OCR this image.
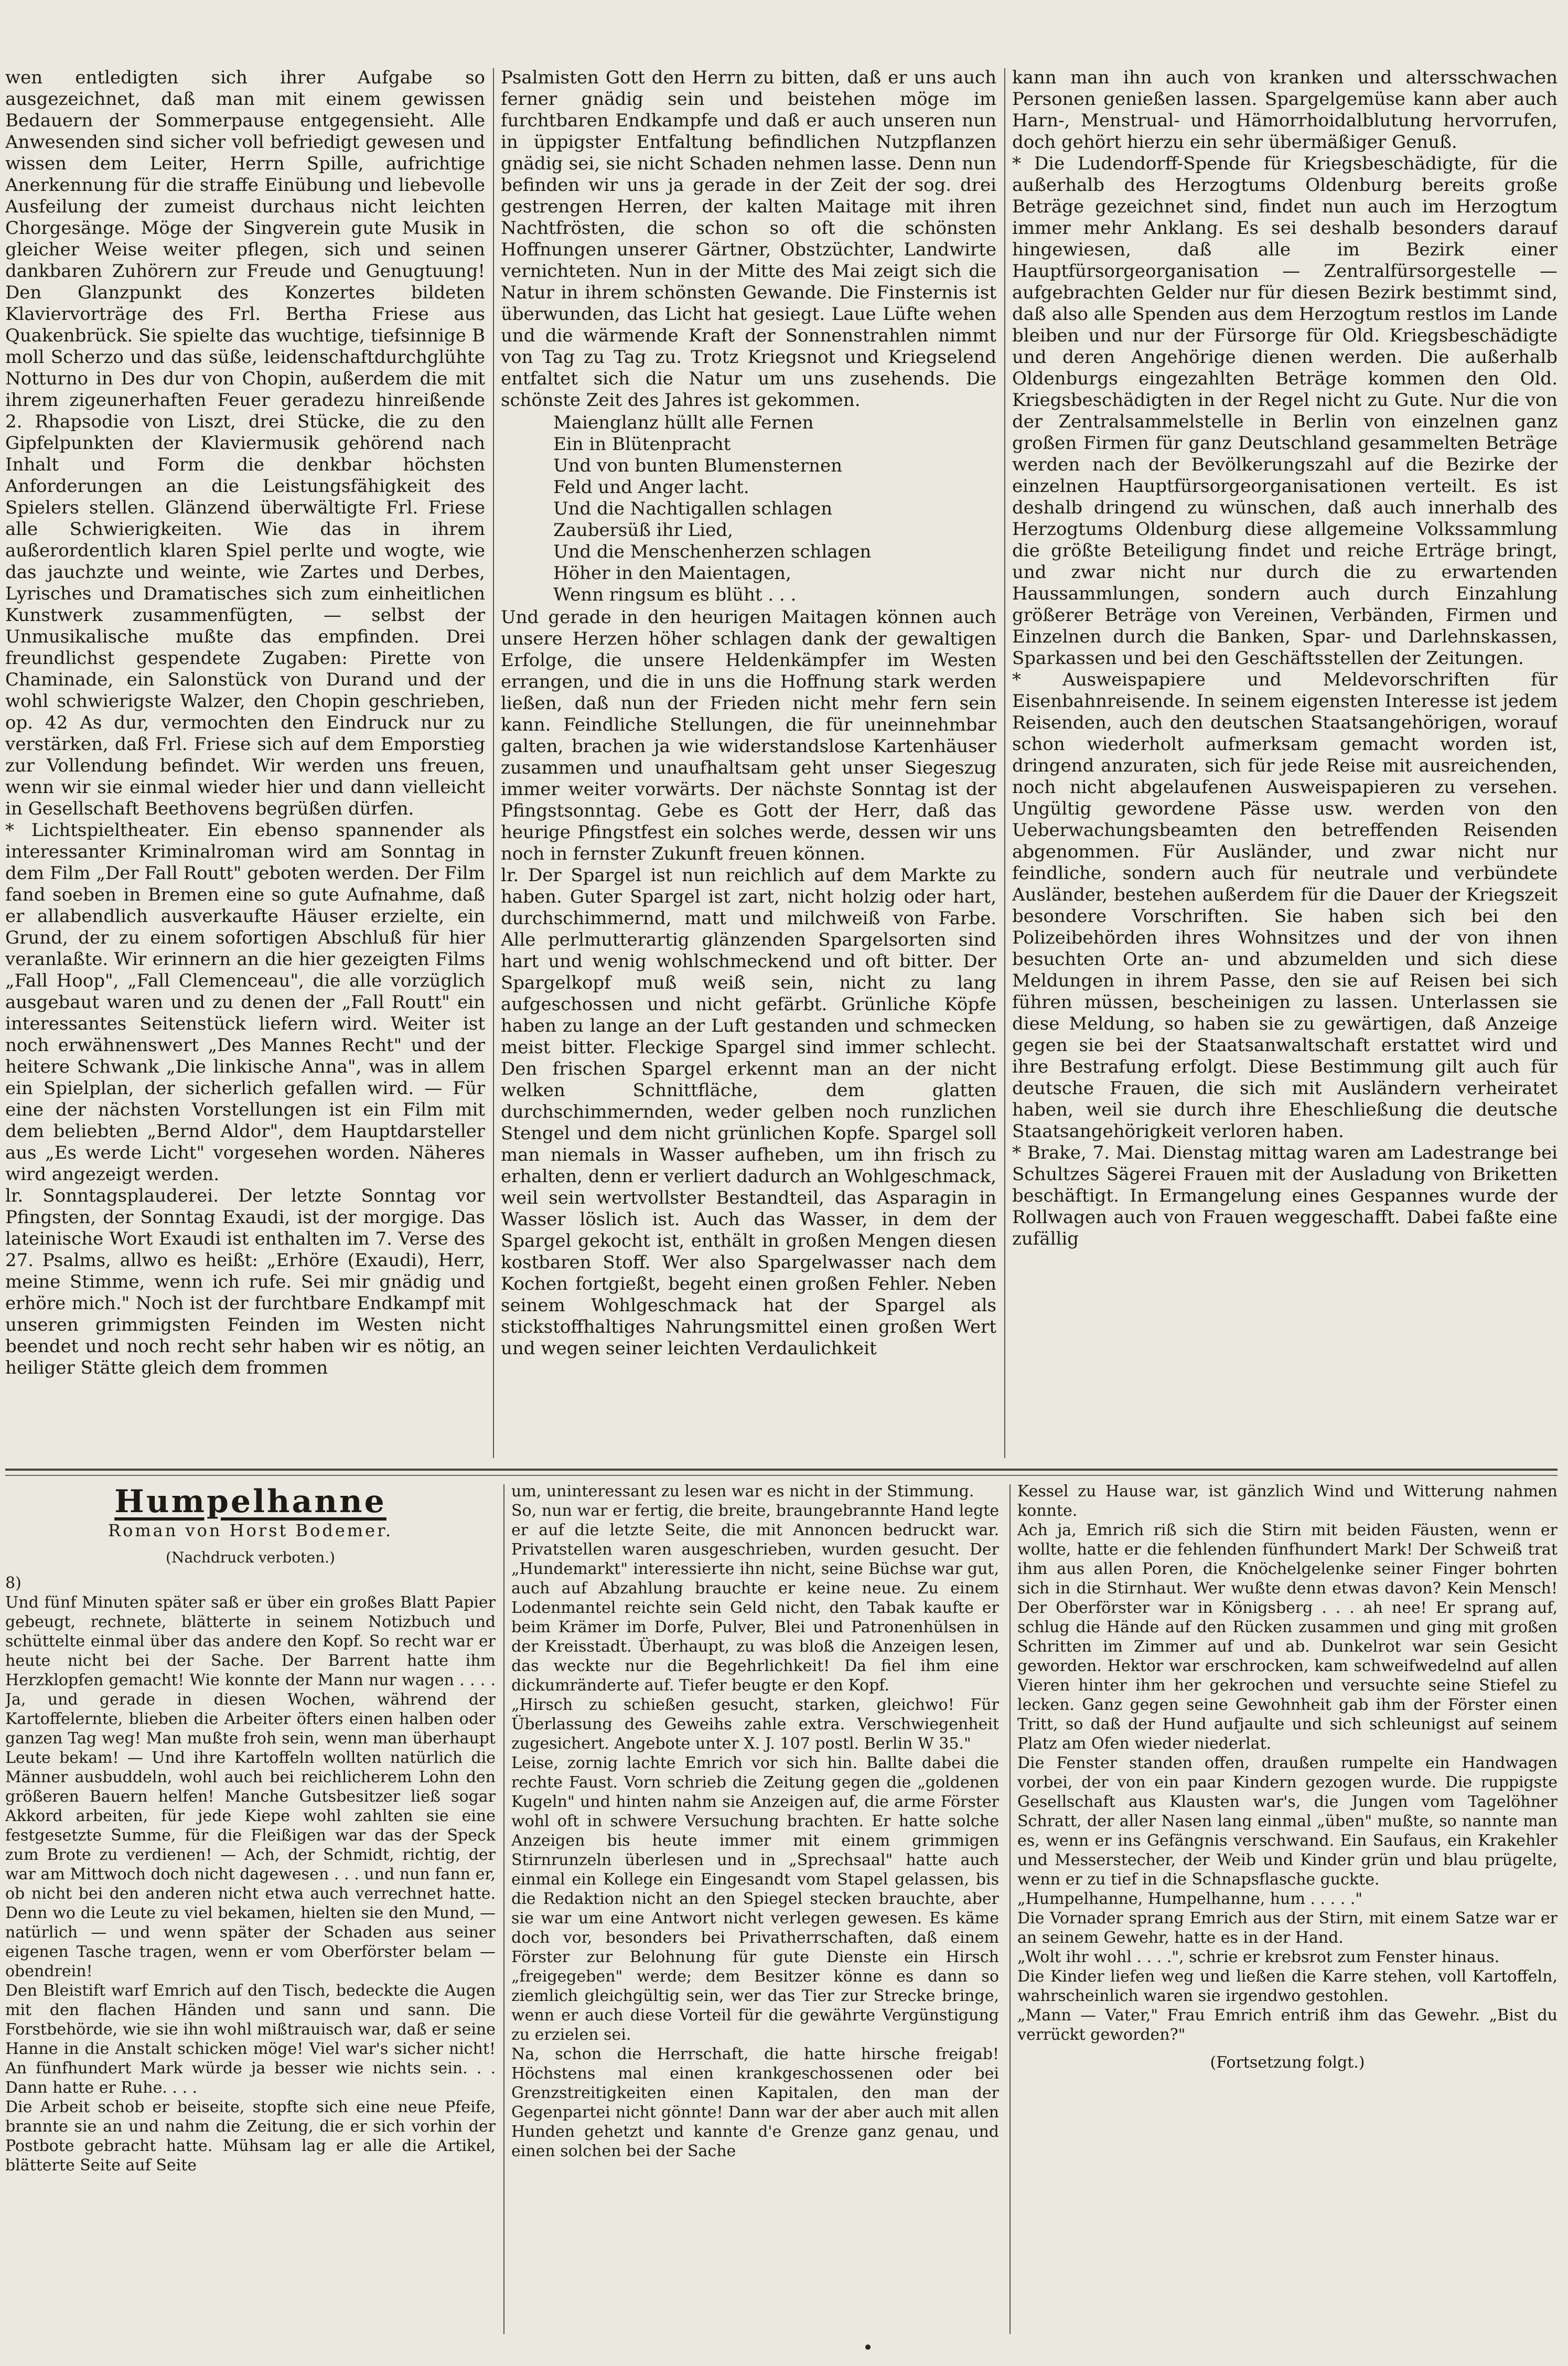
wen entledigten sich ihrer Aufgabe so ausgezeichnet, daß man mit einem gewissen Bedauern der Sommerpause entgegensieht. Alle Anwesenden sind sicher voll befriedigt gewesen und wissen dem Leiter, Herrn Spille, aufrichtige Anerkennung für die straffe Einübung und liebevolle Ausfeilung der zumeist durchaus nicht leichten Chorgesänge. Möge der Singverein gute Musik in gleicher Weise weiter pflegen, sich und seinen dankbaren Zuhörern zur Freude und Genugtuung! Den Glanzpunkt des Konzertes bildeten Klaviervorträge des Frl. Bertha Friese aus Quakenbrück. Sie spielte das wuchtige, tiefsinnige B moll Scherzo und das süße, leidenschaftdurchglühte Notturno in Des dur von Chopin, außerdem die mit ihrem zigeunerhaften Feuer geradezu hinreißende 2. Rhapsodie von Liszt, drei Stücke, die zu den Gipfelpunkten der Klaviermusik gehörend nach Inhalt und Form die denkbar höchsten Anforderungen an die Leistungsfähigkeit des Spielers stellen. Glänzend überwältigte Frl. Friese alle Schwierigkeiten. Wie das in ihrem außerordentlich klaren Spiel perlte und wogte, wie das jauchzte und weinte, wie Zartes und Derbes, Lyrisches und Dramatisches sich zum einheitlichen Kunstwerk zusammenfügten, — selbst der Unmusikalische mußte das empfinden. Drei freundlichst gespendete Zugaben: Pirette von Chaminade, ein Salonstück von Durand und der wohl schwierigste Walzer, den Chopin geschrieben, op. 42 As dur, vermochten den Eindruck nur zu verstärken, daß Frl. Friese sich auf dem Emporstieg zur Vollendung befindet. Wir werden uns freuen, wenn wir sie einmal wieder hier und dann vielleicht in Gesellschaft Beethovens begrüßen dürfen.

* Lichtspieltheater. Ein ebenso spannender als interessanter Kriminalroman wird am Sonntag in dem Film „Der Fall Routt" geboten werden. Der Film fand soeben in Bremen eine so gute Aufnahme, daß er allabendlich ausverkaufte Häuser erzielte, ein Grund, der zu einem sofortigen Abschluß für hier veranlaßte. Wir erinnern an die hier gezeigten Films „Fall Hoop", „Fall Clemenceau", die alle vorzüglich ausgebaut waren und zu denen der „Fall Routt" ein interessantes Seitenstück liefern wird. Weiter ist noch erwähnenswert „Des Mannes Recht" und der heitere Schwank „Die linkische Anna", was in allem ein Spielplan, der sicherlich gefallen wird. — Für eine der nächsten Vorstellungen ist ein Film mit dem beliebten „Bernd Aldor", dem Hauptdarsteller aus „Es werde Licht" vorgesehen worden. Näheres wird angezeigt werden.

lr. Sonntagsplauderei. Der letzte Sonntag vor Pfingsten, der Sonntag Exaudi, ist der morgige. Das lateinische Wort Exaudi ist enthalten im 7. Verse des 27. Psalms, allwo es heißt: „Erhöre (Exaudi), Herr, meine Stimme, wenn ich rufe. Sei mir gnädig und erhöre mich." Noch ist der furchtbare Endkampf mit unseren grimmigsten Feinden im Westen nicht beendet und noch recht sehr haben wir es nötig, an heiliger Stätte gleich dem frommen

Psalmisten Gott den Herrn zu bitten, daß er uns auch ferner gnädig sein und beistehen möge im furchtbaren Endkampfe und daß er auch unseren nun in üppigster Entfaltung befindlichen Nutzpflanzen gnädig sei, sie nicht Schaden nehmen lasse. Denn nun befinden wir uns ja gerade in der Zeit der sog. drei gestrengen Herren, der kalten Maitage mit ihren Nachtfrösten, die schon so oft die schönsten Hoffnungen unserer Gärtner, Obstzüchter, Landwirte vernichteten. Nun in der Mitte des Mai zeigt sich die Natur in ihrem schönsten Gewande. Die Finsternis ist überwunden, das Licht hat gesiegt. Laue Lüfte wehen und die wärmende Kraft der Sonnenstrahlen nimmt von Tag zu Tag zu. Trotz Kriegsnot und Kriegselend entfaltet sich die Natur um uns zusehends. Die schönste Zeit des Jahres ist gekommen.

Maienglanz hüllt alle Fernen
Ein in Blütenpracht
Und von bunten Blumensternen
Feld und Anger lacht.
Und die Nachtigallen schlagen
Zaubersüß ihr Lied,
Und die Menschenherzen schlagen
Höher in den Maientagen,
Wenn ringsum es blüht . . .

Und gerade in den heurigen Maitagen können auch unsere Herzen höher schlagen dank der gewaltigen Erfolge, die unsere Heldenkämpfer im Westen errangen, und die in uns die Hoffnung stark werden ließen, daß nun der Frieden nicht mehr fern sein kann. Feindliche Stellungen, die für uneinnehmbar galten, brachen ja wie widerstandslose Kartenhäuser zusammen und unaufhaltsam geht unser Siegeszug immer weiter vorwärts. Der nächste Sonntag ist der Pfingstsonntag. Gebe es Gott der Herr, daß das heurige Pfingstfest ein solches werde, dessen wir uns noch in fernster Zukunft freuen können.

lr. Der Spargel ist nun reichlich auf dem Markte zu haben. Guter Spargel ist zart, nicht holzig oder hart, durchschimmernd, matt und milchweiß von Farbe. Alle perlmutterartig glänzenden Spargelsorten sind hart und wenig wohlschmeckend und oft bitter. Der Spargelkopf muß weiß sein, nicht zu lang aufgeschossen und nicht gefärbt. Grünliche Köpfe haben zu lange an der Luft gestanden und schmecken meist bitter. Fleckige Spargel sind immer schlecht. Den frischen Spargel erkennt man an der nicht welken Schnittfläche, dem glatten durchschimmernden, weder gelben noch runzlichen Stengel und dem nicht grünlichen Kopfe. Spargel soll man niemals in Wasser aufheben, um ihn frisch zu erhalten, denn er verliert dadurch an Wohlgeschmack, weil sein wertvollster Bestandteil, das Asparagin in Wasser löslich ist. Auch das Wasser, in dem der Spargel gekocht ist, enthält in großen Mengen diesen kostbaren Stoff. Wer also Spargelwasser nach dem Kochen fortgießt, begeht einen großen Fehler. Neben seinem Wohlgeschmack hat der Spargel als stickstoffhaltiges Nahrungsmittel einen großen Wert und wegen seiner leichten Verdaulichkeit

kann man ihn auch von kranken und altersschwachen Personen genießen lassen. Spargelgemüse kann aber auch Harn-, Menstrual- und Hämorrhoidalblutung hervorrufen, doch gehört hierzu ein sehr übermäßiger Genuß.

* Die Ludendorff-Spende für Kriegsbeschädigte, für die außerhalb des Herzogtums Oldenburg bereits große Beträge gezeichnet sind, findet nun auch im Herzogtum immer mehr Anklang. Es sei deshalb besonders darauf hingewiesen, daß alle im Bezirk einer Hauptfürsorgeorganisation — Zentralfürsorgestelle — aufgebrachten Gelder nur für diesen Bezirk bestimmt sind, daß also alle Spenden aus dem Herzogtum restlos im Lande bleiben und nur der Fürsorge für Old. Kriegsbeschädigte und deren Angehörige dienen werden. Die außerhalb Oldenburgs eingezahlten Beträge kommen den Old. Kriegsbeschädigten in der Regel nicht zu Gute. Nur die von der Zentralsammelstelle in Berlin von einzelnen ganz großen Firmen für ganz Deutschland gesammelten Beträge werden nach der Bevölkerungszahl auf die Bezirke der einzelnen Hauptfürsorgeorganisationen verteilt. Es ist deshalb dringend zu wünschen, daß auch innerhalb des Herzogtums Oldenburg diese allgemeine Volkssammlung die größte Beteiligung findet und reiche Erträge bringt, und zwar nicht nur durch die zu erwartenden Haussammlungen, sondern auch durch Einzahlung größerer Beträge von Vereinen, Verbänden, Firmen und Einzelnen durch die Banken, Spar- und Darlehnskassen, Sparkassen und bei den Geschäftsstellen der Zeitungen.

* Ausweispapiere und Meldevorschriften für Eisenbahnreisende. In seinem eigensten Interesse ist jedem Reisenden, auch den deutschen Staatsangehörigen, worauf schon wiederholt aufmerksam gemacht worden ist, dringend anzuraten, sich für jede Reise mit ausreichenden, noch nicht abgelaufenen Ausweispapieren zu versehen. Ungültig gewordene Pässe usw. werden von den Ueberwachungsbeamten den betreffenden Reisenden abgenommen. Für Ausländer, und zwar nicht nur feindliche, sondern auch für neutrale und verbündete Ausländer, bestehen außerdem für die Dauer der Kriegszeit besondere Vorschriften. Sie haben sich bei den Polizeibehörden ihres Wohnsitzes und der von ihnen besuchten Orte an- und abzumelden und sich diese Meldungen in ihrem Passe, den sie auf Reisen bei sich führen müssen, bescheinigen zu lassen. Unterlassen sie diese Meldung, so haben sie zu gewärtigen, daß Anzeige gegen sie bei der Staatsanwaltschaft erstattet wird und ihre Bestrafung erfolgt. Diese Bestimmung gilt auch für deutsche Frauen, die sich mit Ausländern verheiratet haben, weil sie durch ihre Eheschließung die deutsche Staatsangehörigkeit verloren haben.

* Brake, 7. Mai. Dienstag mittag waren am Ladestrange bei Schultzes Sägerei Frauen mit der Ausladung von Briketten beschäftigt. In Ermangelung eines Gespannes wurde der Rollwagen auch von Frauen weggeschafft. Dabei faßte eine zufällig

Humpelhanne
Roman von Horst Bodemer.
(Nachdruck verboten.)
8)

Und fünf Minuten später saß er über ein großes Blatt Papier gebeugt, rechnete, blätterte in seinem Notizbuch und schüttelte einmal über das andere den Kopf. So recht war er heute nicht bei der Sache. Der Barrent hatte ihm Herzklopfen gemacht! Wie konnte der Mann nur wagen . . . . Ja, und gerade in diesen Wochen, während der Kartoffelernte, blieben die Arbeiter öfters einen halben oder ganzen Tag weg! Man mußte froh sein, wenn man überhaupt Leute bekam! — Und ihre Kartoffeln wollten natürlich die Männer ausbuddeln, wohl auch bei reichlicherem Lohn den größeren Bauern helfen! Manche Gutsbesitzer ließ sogar Akkord arbeiten, für jede Kiepe wohl zahlten sie eine festgesetzte Summe, für die Fleißigen war das der Speck zum Brote zu verdienen! — Ach, der Schmidt, richtig, der war am Mittwoch doch nicht dagewesen . . . und nun fann er, ob nicht bei den anderen nicht etwa auch verrechnet hatte. Denn wo die Leute zu viel bekamen, hielten sie den Mund, — natürlich — und wenn später der Schaden aus seiner eigenen Tasche tragen, wenn er vom Oberförster belam — obendrein!

Den Bleistift warf Emrich auf den Tisch, bedeckte die Augen mit den flachen Händen und sann und sann. Die Forstbehörde, wie sie ihn wohl mißtrauisch war, daß er seine Hanne in die Anstalt schicken möge! Viel war's sicher nicht! An fünfhundert Mark würde ja besser wie nichts sein. . . Dann hatte er Ruhe. . . .

Die Arbeit schob er beiseite, stopfte sich eine neue Pfeife, brannte sie an und nahm die Zeitung, die er sich vorhin der Postbote gebracht hatte. Mühsam lag er alle die Artikel, blätterte Seite auf Seite

um, uninteressant zu lesen war es nicht in der Stimmung.

So, nun war er fertig, die breite, braungebrannte Hand legte er auf die letzte Seite, die mit Annoncen bedruckt war. Privatstellen waren ausgeschrieben, wurden gesucht. Der „Hundemarkt" interessierte ihn nicht, seine Büchse war gut, auch auf Abzahlung brauchte er keine neue. Zu einem Lodenmantel reichte sein Geld nicht, den Tabak kaufte er beim Krämer im Dorfe, Pulver, Blei und Patronenhülsen in der Kreisstadt. Überhaupt, zu was bloß die Anzeigen lesen, das weckte nur die Begehrlichkeit! Da fiel ihm eine dickumränderte auf. Tiefer beugte er den Kopf.

„Hirsch zu schießen gesucht, starken, gleichwo! Für Überlassung des Geweihs zahle extra. Verschwiegenheit zugesichert. Angebote unter X. J. 107 postl. Berlin W 35."

Leise, zornig lachte Emrich vor sich hin. Ballte dabei die rechte Faust. Vorn schrieb die Zeitung gegen die „goldenen Kugeln" und hinten nahm sie Anzeigen auf, die arme Förster wohl oft in schwere Versuchung brachten. Er hatte solche Anzeigen bis heute immer mit einem grimmigen Stirnrunzeln überlesen und in „Sprechsaal" hatte auch einmal ein Kollege ein Eingesandt vom Stapel gelassen, bis die Redaktion nicht an den Spiegel stecken brauchte, aber sie war um eine Antwort nicht verlegen gewesen. Es käme doch vor, besonders bei Privatherrschaften, daß einem Förster zur Belohnung für gute Dienste ein Hirsch „freigegeben" werde; dem Besitzer könne es dann so ziemlich gleichgültig sein, wer das Tier zur Strecke bringe, wenn er auch diese Vorteil für die gewährte Vergünstigung zu erzielen sei.

Na, schon die Herrschaft, die hatte hirsche freigab! Höchstens mal einen krankgeschossenen oder bei Grenzstreitigkeiten einen Kapitalen, den man der Gegenpartei nicht gönnte! Dann war der aber auch mit allen Hunden gehetzt und kannte d'e Grenze ganz genau, und einen solchen bei der Sache

Kessel zu Hause war, ist gänzlich Wind und Witterung nahmen konnte.

Ach ja, Emrich riß sich die Stirn mit beiden Fäusten, wenn er wollte, hatte er die fehlenden fünfhundert Mark! Der Schweiß trat ihm aus allen Poren, die Knöchelgelenke seiner Finger bohrten sich in die Stirnhaut. Wer wußte denn etwas davon? Kein Mensch! Der Oberförster war in Königsberg . . . ah nee! Er sprang auf, schlug die Hände auf den Rücken zusammen und ging mit großen Schritten im Zimmer auf und ab. Dunkelrot war sein Gesicht geworden. Hektor war erschrocken, kam schweifwedelnd auf allen Vieren hinter ihm her gekrochen und versuchte seine Stiefel zu lecken. Ganz gegen seine Gewohnheit gab ihm der Förster einen Tritt, so daß der Hund aufjaulte und sich schleunigst auf seinem Platz am Ofen wieder niederlat.

Die Fenster standen offen, draußen rumpelte ein Handwagen vorbei, der von ein paar Kindern gezogen wurde. Die ruppigste Gesellschaft aus Klausten war's, die Jungen vom Tagelöhner Schratt, der aller Nasen lang einmal „üben" mußte, so nannte man es, wenn er ins Gefängnis verschwand. Ein Saufaus, ein Krakehler und Messerstecher, der Weib und Kinder grün und blau prügelte, wenn er zu tief in die Schnapsflasche guckte.

„Humpelhanne, Humpelhanne, hum . . . . ."

Die Vornader sprang Emrich aus der Stirn, mit einem Satze war er an seinem Gewehr, hatte es in der Hand.

„Wolt ihr wohl . . . .", schrie er krebsrot zum Fenster hinaus.

Die Kinder liefen weg und ließen die Karre stehen, voll Kartoffeln, wahrscheinlich waren sie irgendwo gestohlen.

„Mann — Vater," Frau Emrich entriß ihm das Gewehr. „Bist du verrückt geworden?"

(Fortsetzung folgt.)
